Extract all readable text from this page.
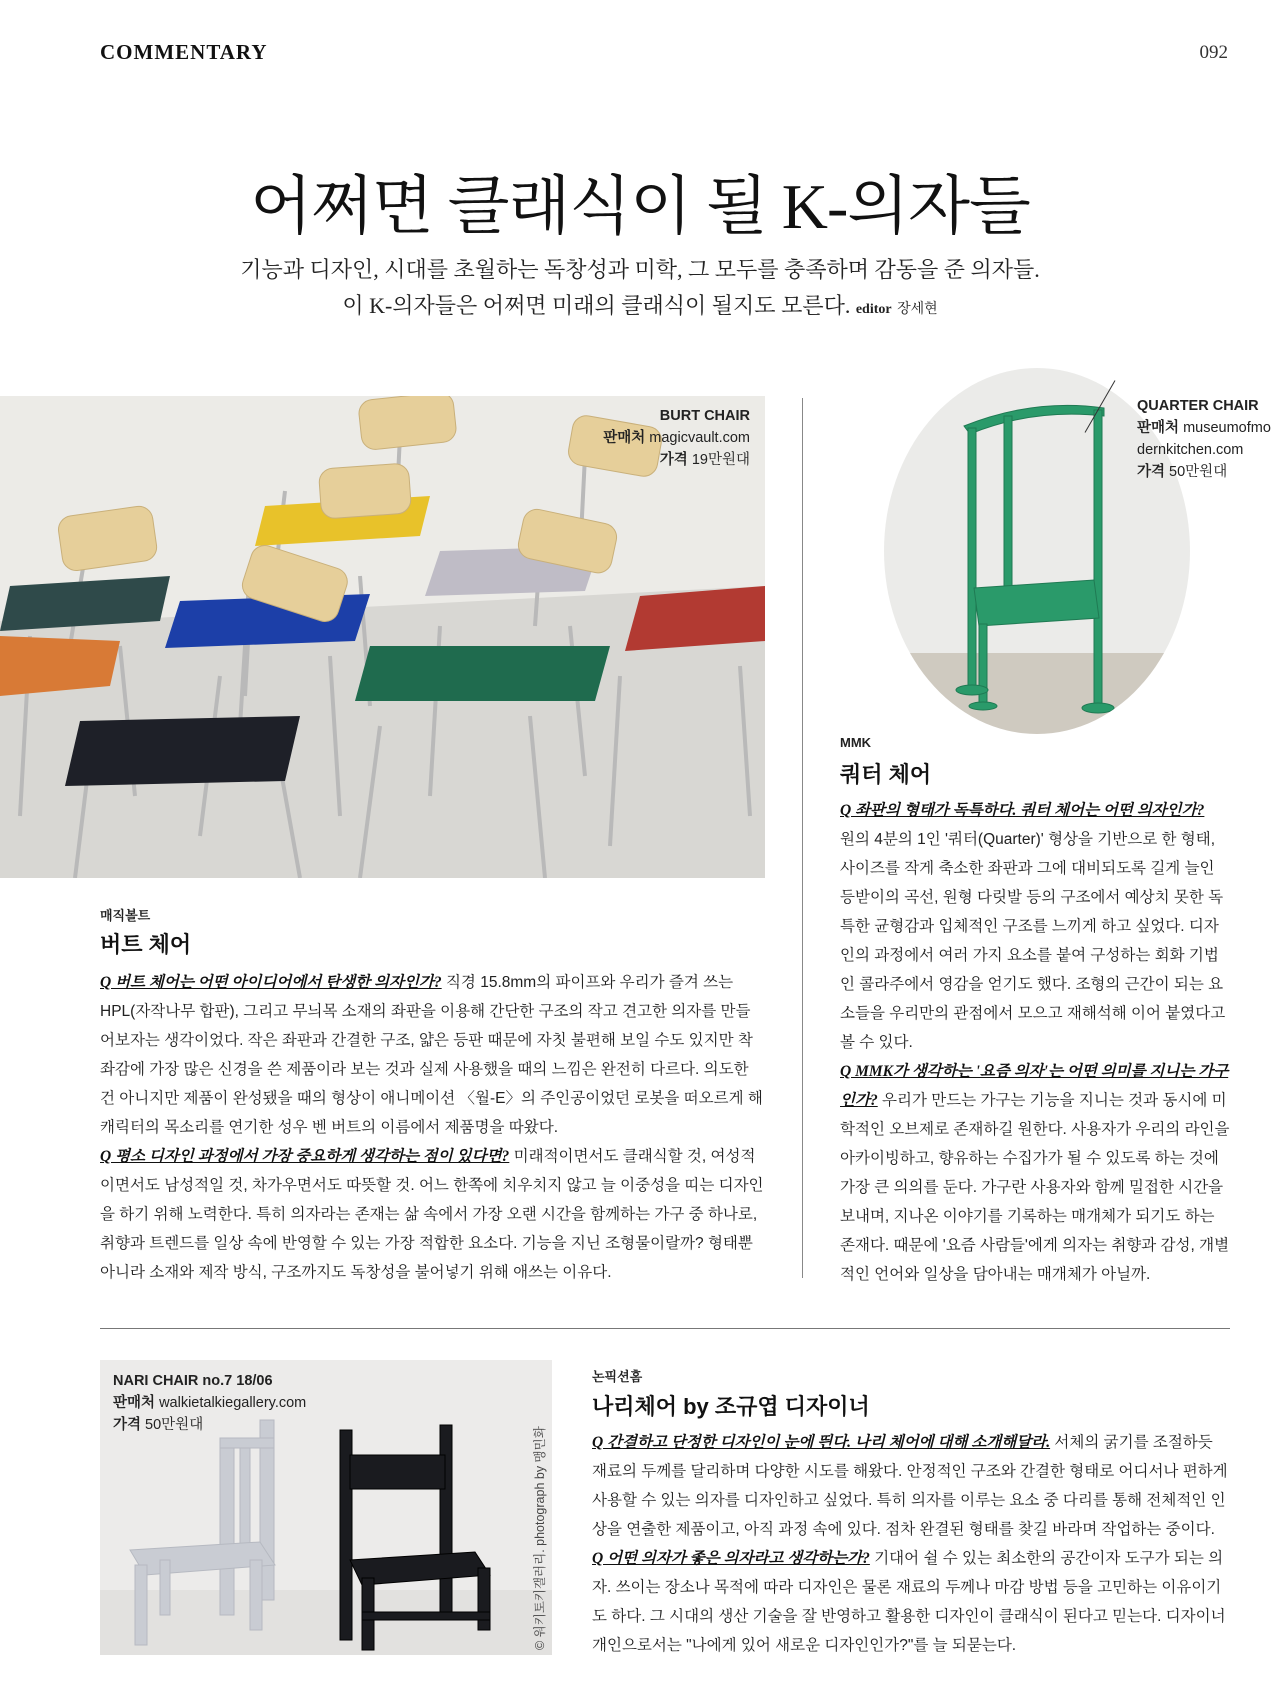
COMMENTARY	092
어쩌면 클래식이 될 K-의자들
기능과 디자인, 시대를 초월하는 독창성과 미학, 그 모두를 충족하며 감동을 준 의자들.
이 K-의자들은 어쩌면 미래의 클래식이 될지도 모른다. editor 장세현
BURT CHAIR
판매처 magicvault.com
가격 19만원대
QUARTER CHAIR
판매처 museumofmodernkitchen.com
가격 50만원대
매직볼트
버트 체어
Q 버트 체어는 어떤 아이디어에서 탄생한 의자인가? 직경 15.8mm의 파이프와 우리가 즐겨 쓰는 HPL(자작나무 합판), 그리고 무늬목 소재의 좌판을 이용해 간단한 구조의 작고 견고한 의자를 만들어보자는 생각이었다. 작은 좌판과 간결한 구조, 얇은 등판 때문에 자칫 불편해 보일 수도 있지만 착좌감에 가장 많은 신경을 쓴 제품이라 보는 것과 실제 사용했을 때의 느낌은 완전히 다르다. 의도한 건 아니지만 제품이 완성됐을 때의 형상이 애니메이션 〈월-E〉의 주인공이었던 로봇을 떠오르게 해 캐릭터의 목소리를 연기한 성우 벤 버트의 이름에서 제품명을 따왔다.
Q 평소 디자인 과정에서 가장 중요하게 생각하는 점이 있다면? 미래적이면서도 클래식할 것, 여성적이면서도 남성적일 것, 차가우면서도 따뜻할 것. 어느 한쪽에 치우치지 않고 늘 이중성을 띠는 디자인을 하기 위해 노력한다. 특히 의자라는 존재는 삶 속에서 가장 오랜 시간을 함께하는 가구 중 하나로, 취향과 트렌드를 일상 속에 반영할 수 있는 가장 적합한 요소다. 기능을 지닌 조형물이랄까? 형태뿐 아니라 소재와 제작 방식, 구조까지도 독창성을 불어넣기 위해 애쓰는 이유다.
MMK
쿼터 체어
Q 좌판의 형태가 독특하다. 쿼터 체어는 어떤 의자인가?
원의 4분의 1인 '쿼터(Quarter)' 형상을 기반으로 한 형태, 사이즈를 작게 축소한 좌판과 그에 대비되도록 길게 늘인 등받이의 곡선, 원형 다릿발 등의 구조에서 예상치 못한 독특한 균형감과 입체적인 구조를 느끼게 하고 싶었다. 디자인의 과정에서 여러 가지 요소를 붙여 구성하는 회화 기법인 콜라주에서 영감을 얻기도 했다. 조형의 근간이 되는 요소들을 우리만의 관점에서 모으고 재해석해 이어 붙였다고 볼 수 있다.
Q MMK가 생각하는 '요즘 의자'는 어떤 의미를 지니는 가구인가? 우리가 만드는 가구는 기능을 지니는 것과 동시에 미학적인 오브제로 존재하길 원한다. 사용자가 우리의 라인을 아카이빙하고, 향유하는 수집가가 될 수 있도록 하는 것에 가장 큰 의의를 둔다. 가구란 사용자와 함께 밀접한 시간을 보내며, 지나온 이야기를 기록하는 매개체가 되기도 하는 존재다. 때문에 '요즘 사람들'에게 의자는 취향과 감성, 개별적인 언어와 일상을 담아내는 매개체가 아닐까.
NARI CHAIR no.7 18/06
판매처 walkietalkiegallery.com
가격 50만원대
© 워키토키갤러리. photograph by 맹민화
논픽션홈
나리체어 by 조규엽 디자이너
Q 간결하고 단정한 디자인이 눈에 띈다. 나리 체어에 대해 소개해달라. 서체의 굵기를 조절하듯 재료의 두께를 달리하며 다양한 시도를 해왔다. 안정적인 구조와 간결한 형태로 어디서나 편하게 사용할 수 있는 의자를 디자인하고 싶었다. 특히 의자를 이루는 요소 중 다리를 통해 전체적인 인상을 연출한 제품이고, 아직 과정 속에 있다. 점차 완결된 형태를 찾길 바라며 작업하는 중이다.
Q 어떤 의자가 좋은 의자라고 생각하는가? 기대어 쉴 수 있는 최소한의 공간이자 도구가 되는 의자. 쓰이는 장소나 목적에 따라 디자인은 물론 재료의 두께나 마감 방법 등을 고민하는 이유이기도 하다. 그 시대의 생산 기술을 잘 반영하고 활용한 디자인이 클래식이 된다고 믿는다. 디자이너 개인으로서는 "나에게 있어 새로운 디자인인가?"를 늘 되묻는다.
